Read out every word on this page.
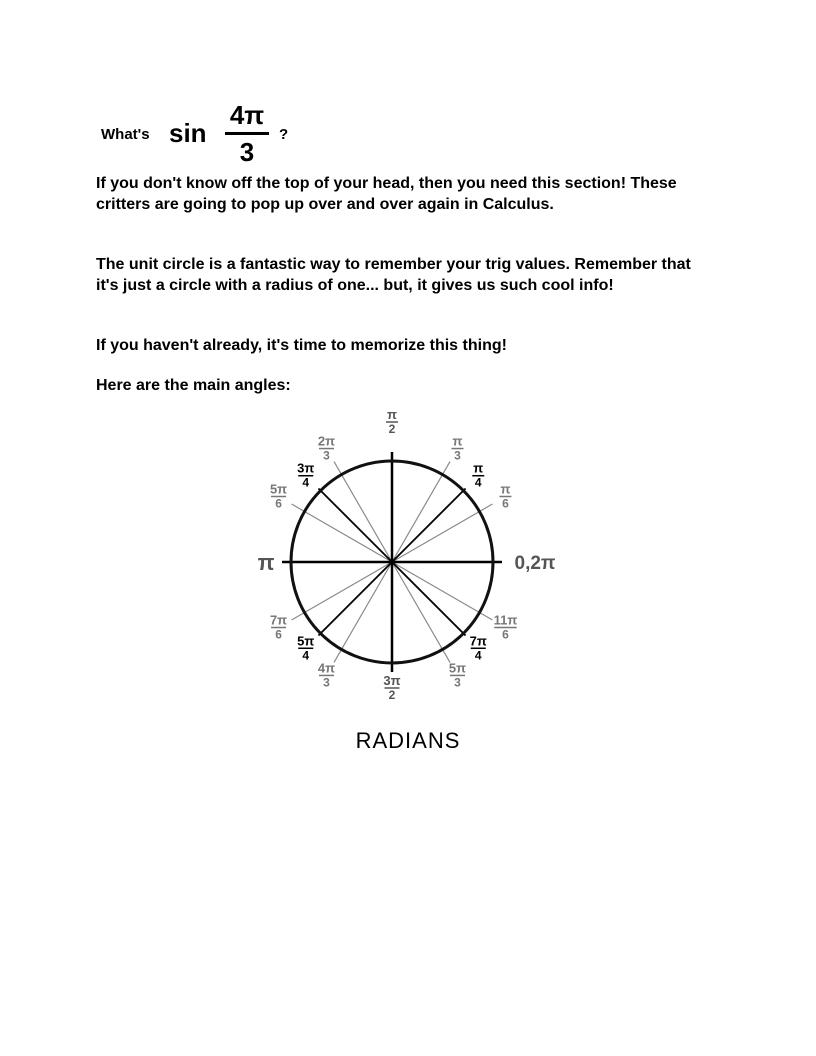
What's sin
4π
3
?

If you don't know off the top of your head, then you need this section! These critters are going to pop up over and over again in Calculus.

The unit circle is a fantastic way to remember your trig values. Remember that it's just a circle with a radius of one... but, it gives us such cool info!

If you haven't already, it's time to memorize this thing!

Here are the main angles:

0,2π
π
π
2
3π
2
π
6
π
4
π
3
2π
3
3π
4
5π
6
7π
6 5π
4
4π
3
5π
3
7π
4
11π
6
RADIANS
